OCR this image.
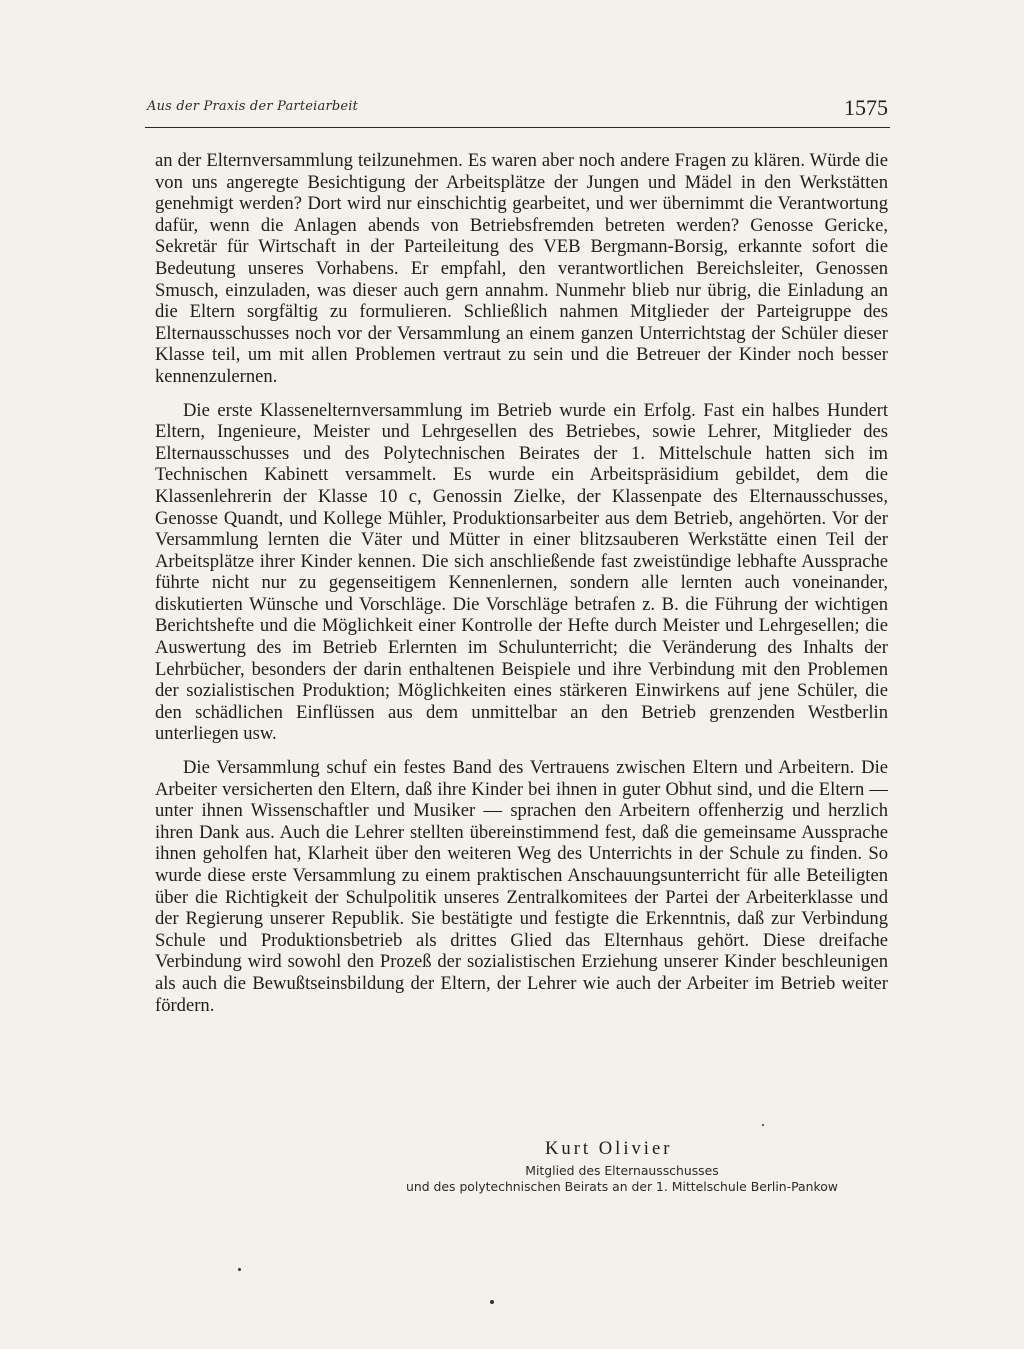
Aus der Praxis der Parteiarbeit	1575

an der Elternversammlung teilzunehmen. Es waren aber noch andere Fragen zu klären. Würde die von uns angeregte Besichtigung der Arbeitsplätze der Jungen und Mädel in den Werkstätten genehmigt werden? Dort wird nur einschichtig gearbeitet, und wer übernimmt die Verantwortung dafür, wenn die Anlagen abends von Betriebsfremden betreten werden? Genosse Gericke, Sekretär für Wirtschaft in der Parteileitung des VEB Bergmann-Borsig, erkannte sofort die Bedeutung unseres Vorhabens. Er empfahl, den verantwortlichen Bereichsleiter, Genossen Smusch, einzuladen, was dieser auch gern annahm. Nunmehr blieb nur übrig, die Einladung an die Eltern sorgfältig zu formulieren. Schließlich nahmen Mitglieder der Parteigruppe des Elternausschusses noch vor der Versammlung an einem ganzen Unterrichtstag der Schüler dieser Klasse teil, um mit allen Problemen vertraut zu sein und die Betreuer der Kinder noch besser kennenzulernen.

Die erste Klassenelternversammlung im Betrieb wurde ein Erfolg. Fast ein halbes Hundert Eltern, Ingenieure, Meister und Lehrgesellen des Betriebes, sowie Lehrer, Mitglieder des Elternausschusses und des Polytechnischen Beirates der 1. Mittelschule hatten sich im Technischen Kabinett versammelt. Es wurde ein Arbeitspräsidium gebildet, dem die Klassenlehrerin der Klasse 10 c, Genossin Zielke, der Klassenpate des Elternausschusses, Genosse Quandt, und Kollege Mühler, Produktionsarbeiter aus dem Betrieb, angehörten. Vor der Versammlung lernten die Väter und Mütter in einer blitzsauberen Werkstätte einen Teil der Arbeitsplätze ihrer Kinder kennen. Die sich anschließende fast zweistündige lebhafte Aussprache führte nicht nur zu gegenseitigem Kennenlernen, sondern alle lernten auch voneinander, diskutierten Wünsche und Vorschläge. Die Vorschläge betrafen z. B. die Führung der wichtigen Berichtshefte und die Möglichkeit einer Kontrolle der Hefte durch Meister und Lehrgesellen; die Auswertung des im Betrieb Erlernten im Schulunterricht; die Veränderung des Inhalts der Lehrbücher, besonders der darin enthaltenen Beispiele und ihre Verbindung mit den Problemen der sozialistischen Produktion; Möglichkeiten eines stärkeren Einwirkens auf jene Schüler, die den schädlichen Einflüssen aus dem unmittelbar an den Betrieb grenzenden Westberlin unterliegen usw.

Die Versammlung schuf ein festes Band des Vertrauens zwischen Eltern und Arbeitern. Die Arbeiter versicherten den Eltern, daß ihre Kinder bei ihnen in guter Obhut sind, und die Eltern — unter ihnen Wissenschaftler und Musiker — sprachen den Arbeitern offenherzig und herzlich ihren Dank aus. Auch die Lehrer stellten übereinstimmend fest, daß die gemeinsame Aussprache ihnen geholfen hat, Klarheit über den weiteren Weg des Unterrichts in der Schule zu finden. So wurde diese erste Versammlung zu einem praktischen Anschauungsunterricht für alle Beteiligten über die Richtigkeit der Schulpolitik unseres Zentralkomitees der Partei der Arbeiterklasse und der Regierung unserer Republik. Sie bestätigte und festigte die Erkenntnis, daß zur Verbindung Schule und Produktionsbetrieb als drittes Glied das Elternhaus gehört. Diese dreifache Verbindung wird sowohl den Prozeß der sozialistischen Erziehung unserer Kinder beschleunigen als auch die Bewußtseinsbildung der Eltern, der Lehrer wie auch der Arbeiter im Betrieb weiter fördern.

Kurt Olivier
Mitglied des Elternausschusses
und des polytechnischen Beirats an der 1. Mittelschule Berlin-Pankow
